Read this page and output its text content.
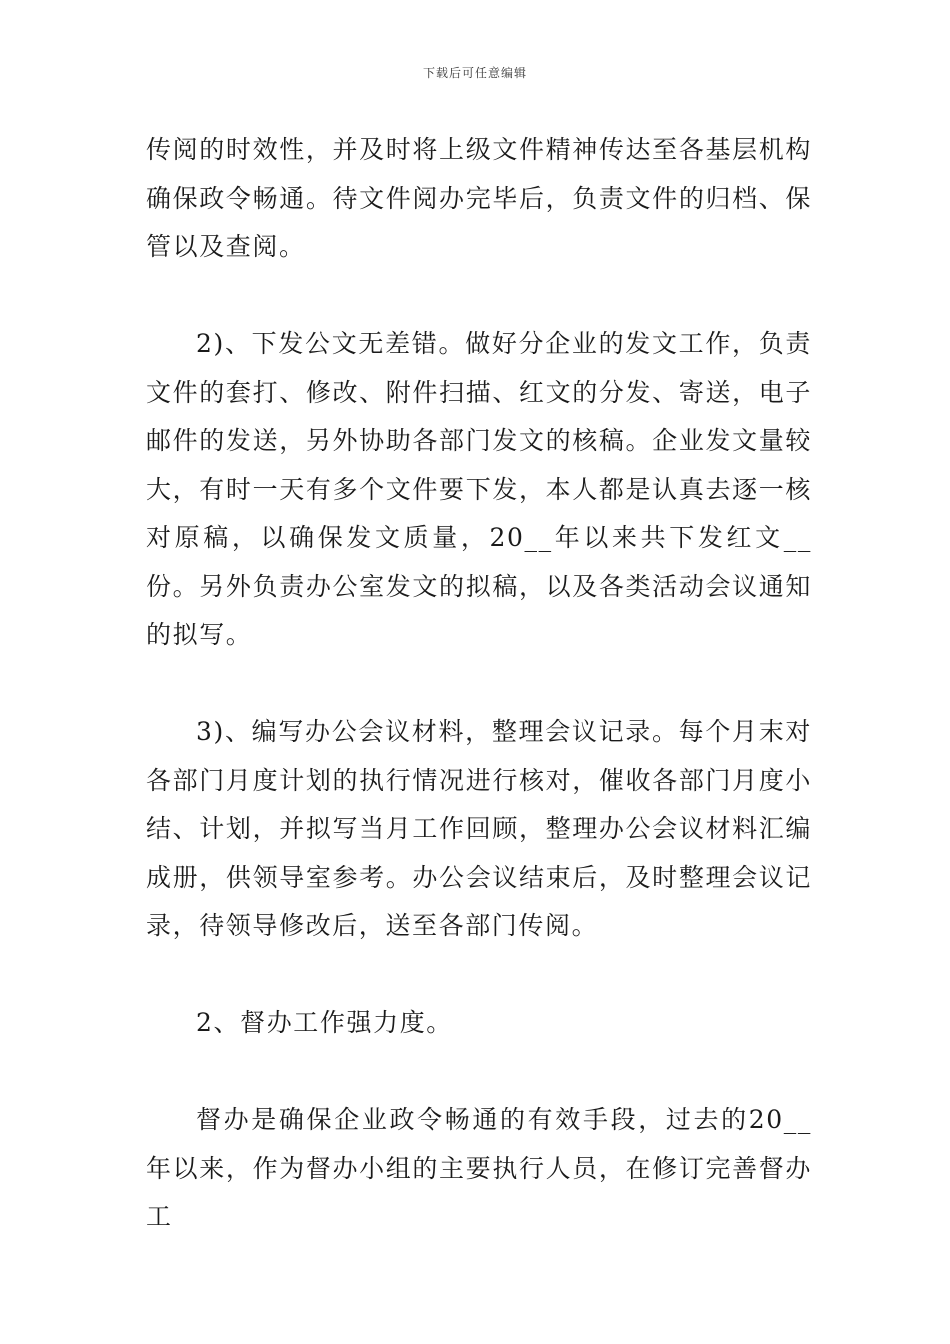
下载后可任意编辑

传阅的时效性，并及时将上级文件精神传达至各基层机构确保政令畅通。待文件阅办完毕后，负责文件的归档、保管以及查阅。

2)、下发公文无差错。做好分企业的发文工作，负责文件的套打、修改、附件扫描、红文的分发、寄送，电子邮件的发送，另外协助各部门发文的核稿。企业发文量较大，有时一天有多个文件要下发，本人都是认真去逐一核对原稿，以确保发文质量，20__年以来共下发红文__份。另外负责办公室发文的拟稿，以及各类活动会议通知的拟写。

3)、编写办公会议材料，整理会议记录。每个月末对各部门月度计划的执行情况进行核对，催收各部门月度小结、计划，并拟写当月工作回顾，整理办公会议材料汇编成册，供领导室参考。办公会议结束后，及时整理会议记录，待领导修改后，送至各部门传阅。

2、督办工作强力度。

督办是确保企业政令畅通的有效手段，过去的20__年以来，作为督办小组的主要执行人员，在修订完善督办工
